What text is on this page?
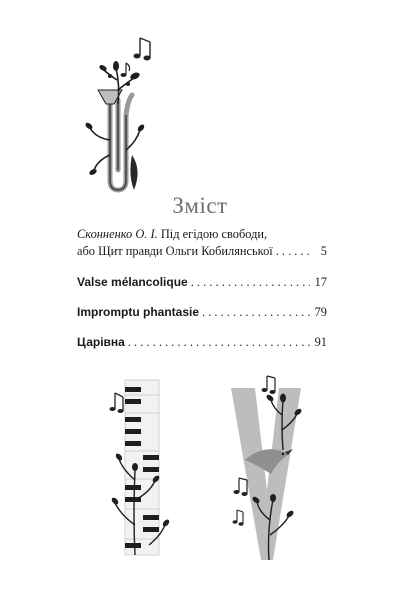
Зміст
Сконненко О. І.
Під егідою свободи,
або Щит правди Ольги Кобилянської . . .	5
Valse mélancolique . . .	17
Impromptu phantasie . . .	79
Царівна . . .	91
